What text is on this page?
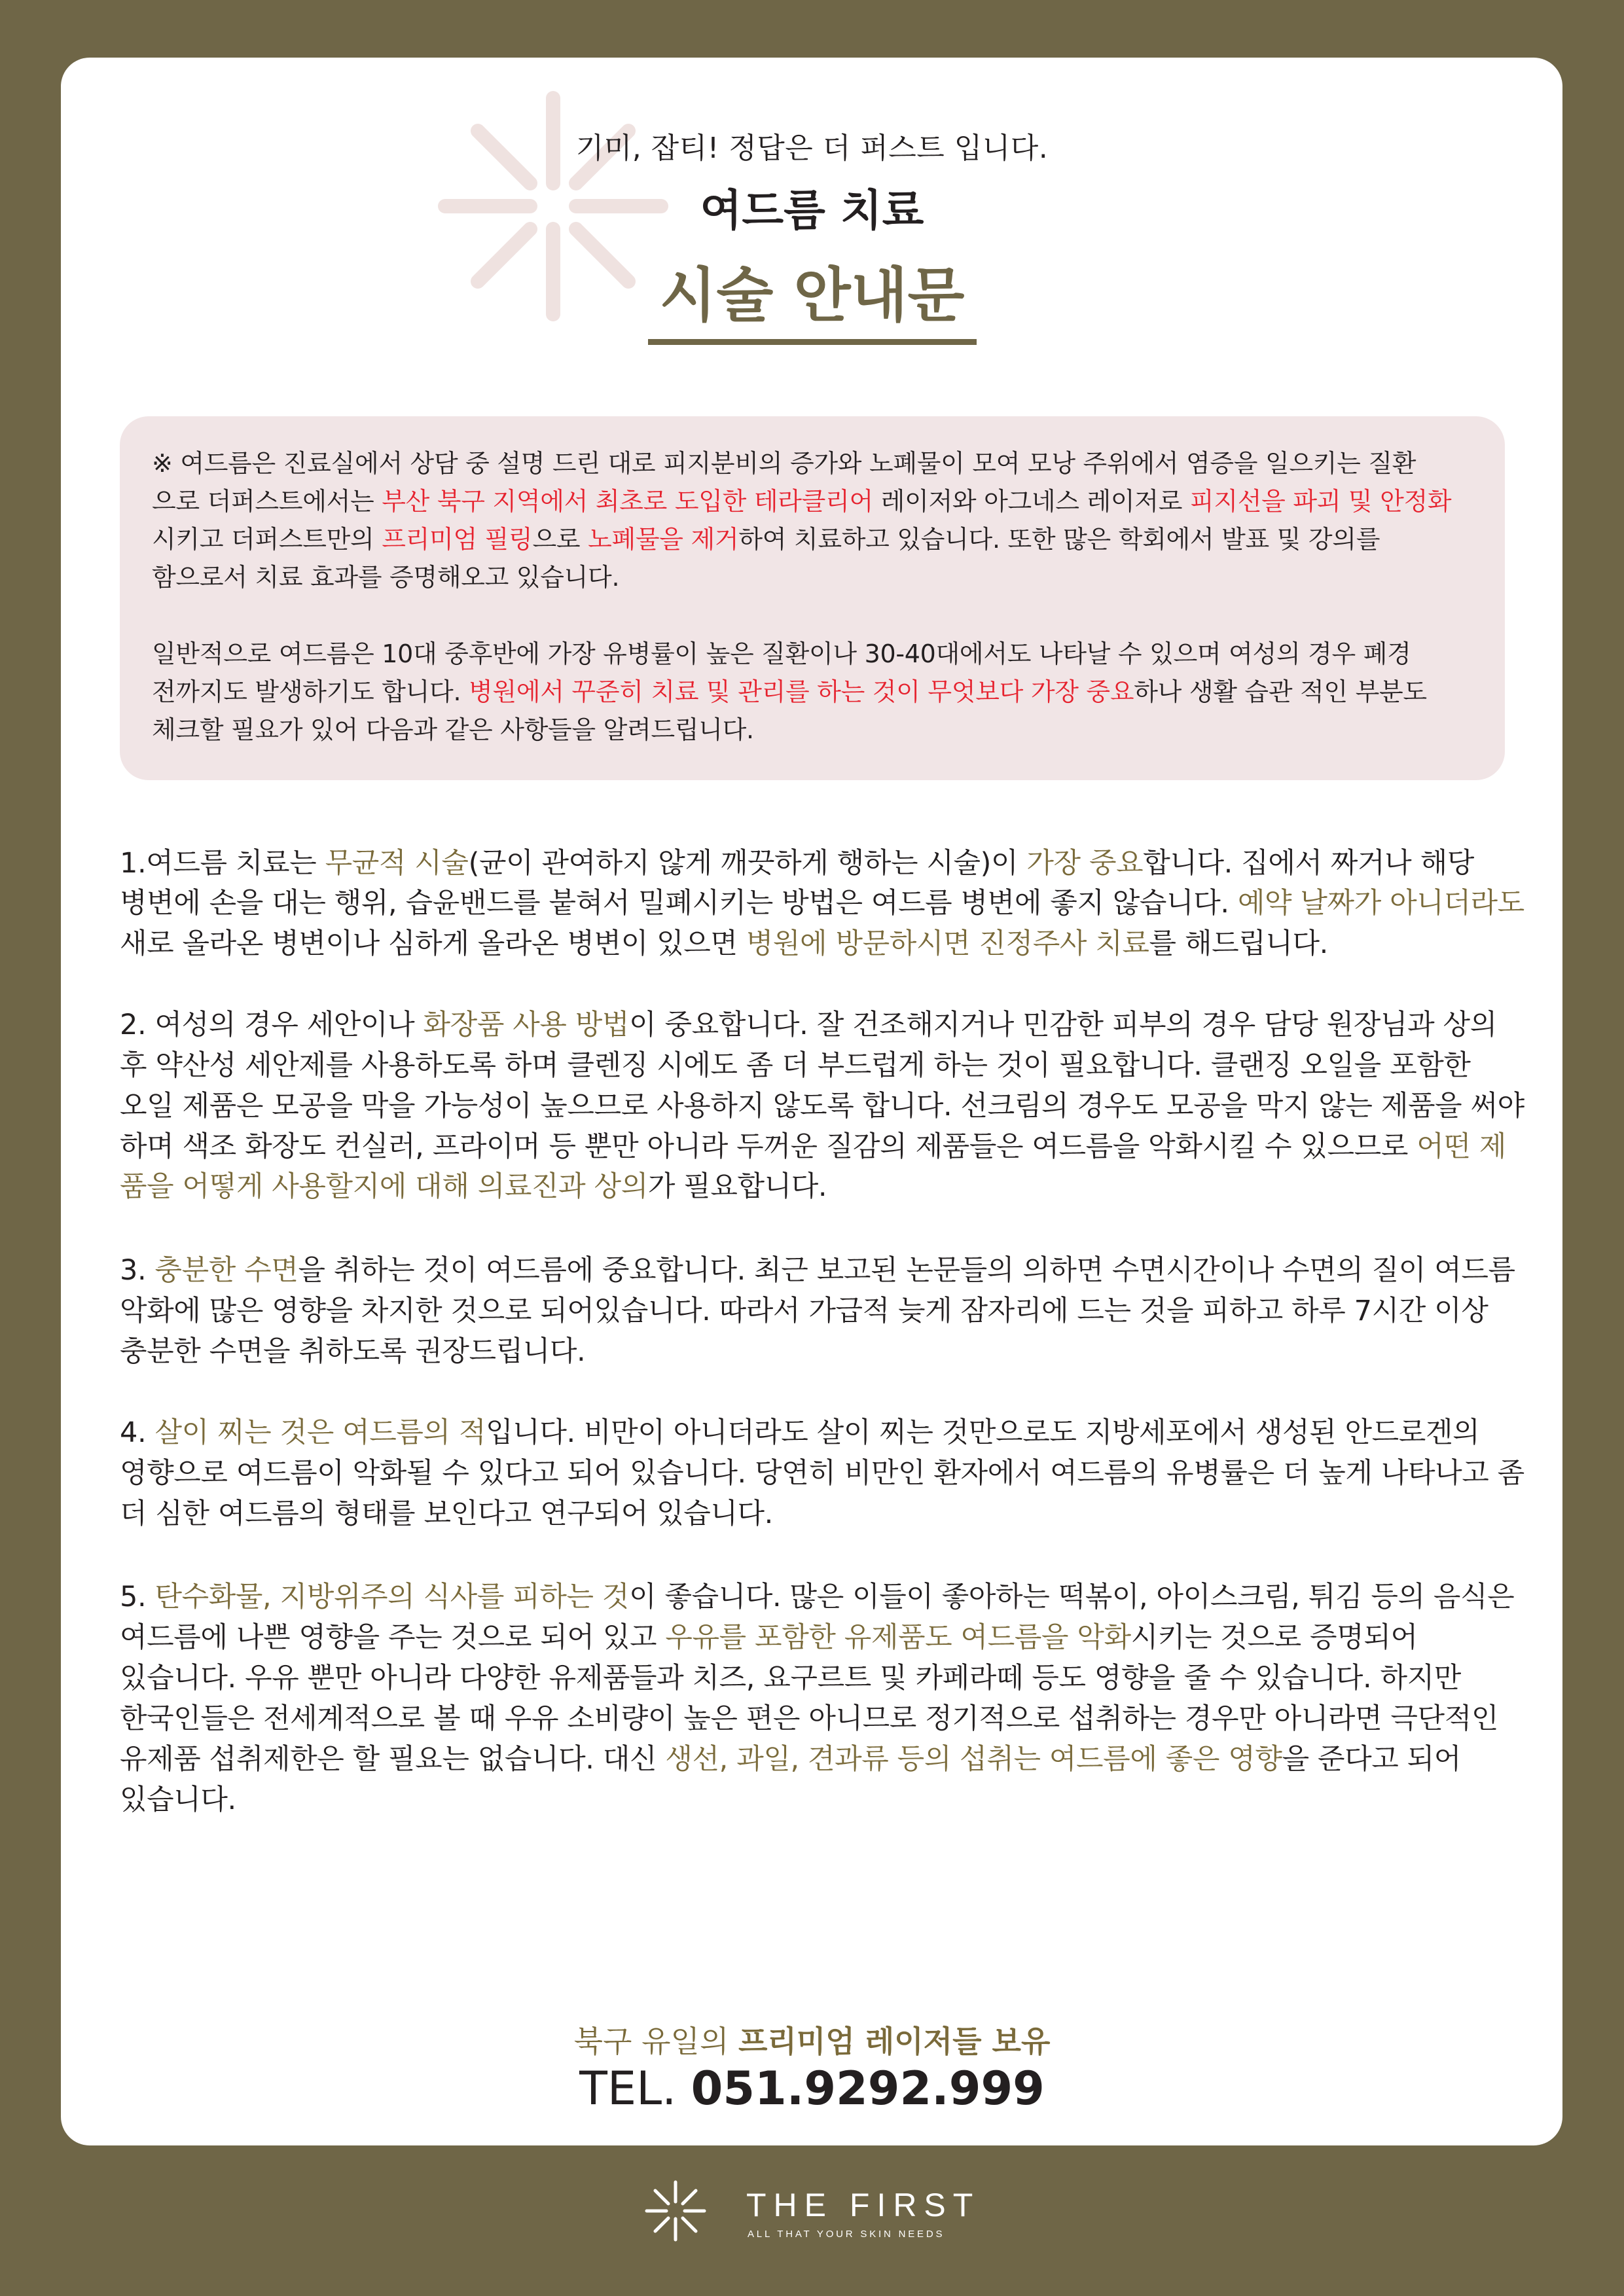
기미, 잡티! 정답은 더 퍼스트 입니다.
여드름 치료
시술 안내문
※ 여드름은 진료실에서 상담 중 설명 드린 대로 피지분비의 증가와 노폐물이 모여 모낭 주위에서 염증을 일으키는 질환
으로 더퍼스트에서는 부산 북구 지역에서 최초로 도입한 테라클리어 레이저와 아그네스 레이저로 피지선을 파괴 및 안정화
시키고 더퍼스트만의 프리미엄 필링으로 노폐물을 제거하여 치료하고 있습니다. 또한 많은 학회에서 발표 및 강의를
함으로서 치료 효과를 증명해오고 있습니다.
일반적으로 여드름은 10대 중후반에 가장 유병률이 높은 질환이나 30-40대에서도 나타날 수 있으며 여성의 경우 폐경
전까지도 발생하기도 합니다. 병원에서 꾸준히 치료 및 관리를 하는 것이 무엇보다 가장 중요하나 생활 습관 적인 부분도
체크할 필요가 있어 다음과 같은 사항들을 알려드립니다.
1.여드름 치료는 무균적 시술(균이 관여하지 않게 깨끗하게 행하는 시술)이 가장 중요합니다. 집에서 짜거나 해당
병변에 손을 대는 행위, 습윤밴드를 붙혀서 밀폐시키는 방법은 여드름 병변에 좋지 않습니다. 예약 날짜가 아니더라도
새로 올라온 병변이나 심하게 올라온 병변이 있으면 병원에 방문하시면 진정주사 치료를 해드립니다.
2. 여성의 경우 세안이나 화장품 사용 방법이 중요합니다. 잘 건조해지거나 민감한 피부의 경우 담당 원장님과 상의
후 약산성 세안제를 사용하도록 하며 클렌징 시에도 좀 더 부드럽게 하는 것이 필요합니다. 클랜징 오일을 포함한
오일 제품은 모공을 막을 가능성이 높으므로 사용하지 않도록 합니다. 선크림의 경우도 모공을 막지 않는 제품을 써야
하며 색조 화장도 컨실러, 프라이머 등 뿐만 아니라 두꺼운 질감의 제품들은 여드름을 악화시킬 수 있으므로 어떤 제
품을 어떻게 사용할지에 대해 의료진과 상의가 필요합니다.
3. 충분한 수면을 취하는 것이 여드름에 중요합니다. 최근 보고된 논문들의 의하면 수면시간이나 수면의 질이 여드름
악화에 많은 영향을 차지한 것으로 되어있습니다. 따라서 가급적 늦게 잠자리에 드는 것을 피하고 하루 7시간 이상
충분한 수면을 취하도록 권장드립니다.
4. 살이 찌는 것은 여드름의 적입니다. 비만이 아니더라도 살이 찌는 것만으로도 지방세포에서 생성된 안드로겐의
영향으로 여드름이 악화될 수 있다고 되어 있습니다. 당연히 비만인 환자에서 여드름의 유병률은 더 높게 나타나고 좀
더 심한 여드름의 형태를 보인다고 연구되어 있습니다.
5. 탄수화물, 지방위주의 식사를 피하는 것이 좋습니다. 많은 이들이 좋아하는 떡볶이, 아이스크림, 튀김 등의 음식은
여드름에 나쁜 영향을 주는 것으로 되어 있고 우유를 포함한 유제품도 여드름을 악화시키는 것으로 증명되어
있습니다. 우유 뿐만 아니라 다양한 유제품들과 치즈, 요구르트 및 카페라떼 등도 영향을 줄 수 있습니다. 하지만
한국인들은 전세계적으로 볼 때 우유 소비량이 높은 편은 아니므로 정기적으로 섭취하는 경우만 아니라면 극단적인
유제품 섭취제한은 할 필요는 없습니다. 대신 생선, 과일, 견과류 등의 섭취는 여드름에 좋은 영향을 준다고 되어
있습니다.
북구 유일의 프리미엄 레이저들 보유
TEL. 051.9292.999
THE FIRST
ALL THAT YOUR SKIN NEEDS
